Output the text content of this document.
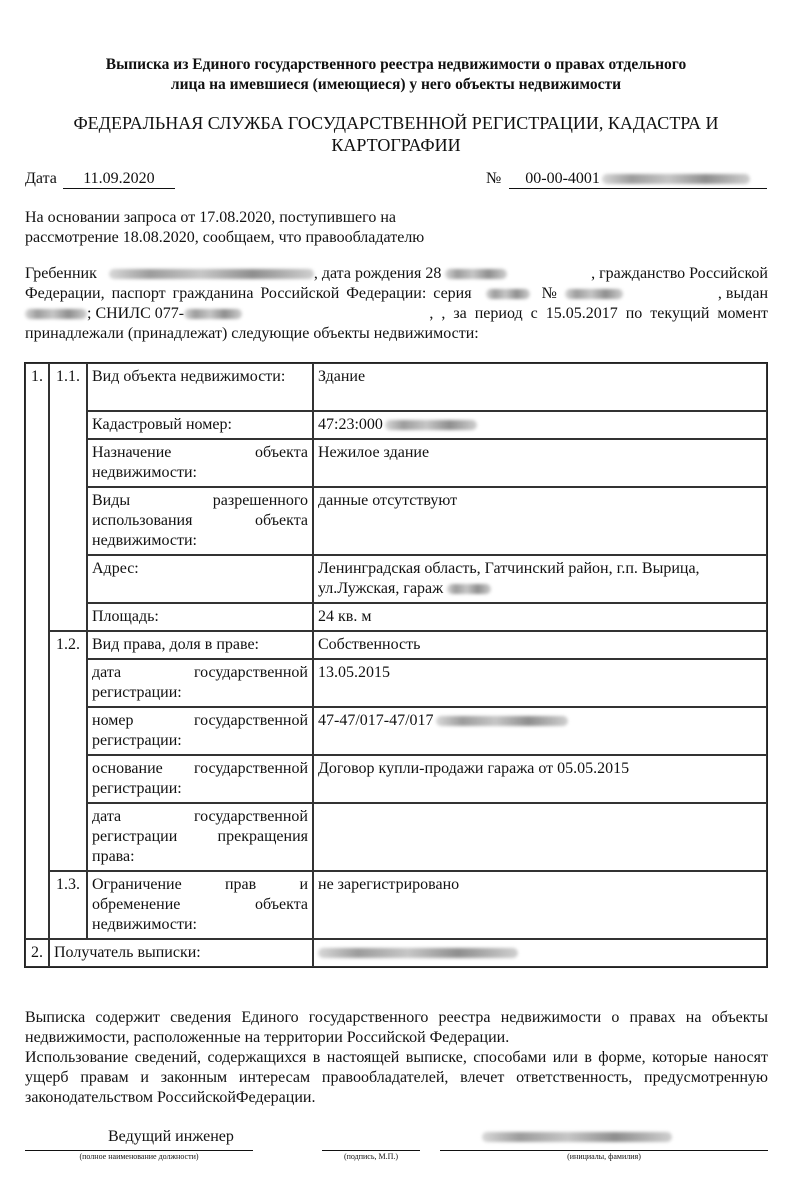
Выписка из Единого государственного реестра недвижимости о правах отдельного
лица на имевшиеся (имеющиеся) у него объекты недвижимости
ФЕДЕРАЛЬНАЯ СЛУЖБА ГОСУДАРСТВЕННОЙ РЕГИСТРАЦИИ, КАДАСТРА И
КАРТОГРАФИИ
Дата 11.09.2020	№ 00-00-4001
На основании запроса от 17.08.2020, поступившего на
рассмотрение 18.08.2020, сообщаем, что правообладателю
Гребенник	, дата рождения 28	, гражданство Российской
Федерации, паспорт гражданина Российской Федерации: серия	№	, выдан
; СНИЛС 077-	, , за период с 15.05.2017 по текущий момент
принадлежали (принадлежат) следующие объекты недвижимости:
1.	1.1.	Вид объекта недвижимости:	Здание
		Кадастровый номер:	47:23:000
		Назначение объекта недвижимости:	Нежилое здание
		Виды разрешенного использования объекта недвижимости:	данные отсутствуют
		Адрес:	Ленинградская область, Гатчинский район, г.п. Вырица, ул.Лужская, гараж
		Площадь:	24 кв. м
	1.2.	Вид права, доля в праве:	Собственность
		дата государственной регистрации:	13.05.2015
		номер государственной регистрации:	47-47/017-47/017
		основание государственной регистрации:	Договор купли-продажи гаража от 05.05.2015
		дата государственной регистрации прекращения права:	
	1.3.	Ограничение прав и обременение объекта недвижимости:	не зарегистрировано

2.	Получатель выписки:		
Выписка содержит сведения Единого государственного реестра недвижимости о правах на объекты недвижимости, расположенные на территории Российской Федерации.
Использование сведений, содержащихся в настоящей выписке, способами или в форме, которые наносят ущерб правам и законным интересам правообладателей, влечет ответственность, предусмотренную законодательством РоссийскойФедерации.
Ведущий инженер
(полное наименование должности)	(подпись, М.П.)	(инициалы, фамилия)
